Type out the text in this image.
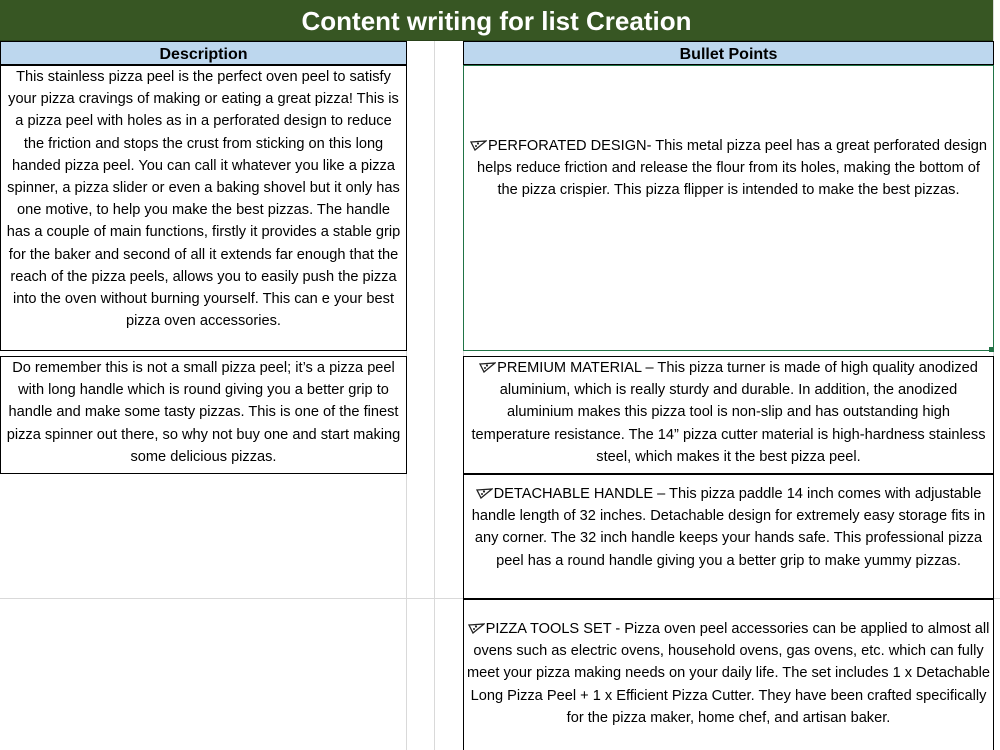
Content writing for list Creation
Description	Bullet Points
This stainless pizza peel is the perfect oven peel to satisfy your pizza cravings of making or eating a great pizza! This is a pizza peel with holes as in a perforated design to reduce the friction and stops the crust from sticking on this long handed pizza peel. You can call it whatever you like a pizza spinner, a pizza slider or even a baking shovel but it only has one motive, to help you make the best pizzas. The handle has a couple of main functions, firstly it provides a stable grip for the baker and second of all it extends far enough that the reach of the pizza peels, allows you to easily push the pizza into the oven without burning yourself. This can e your best pizza oven accessories.
Do remember this is not a small pizza peel; it’s a pizza peel with long handle which is round giving you a better grip to handle and make some tasty pizzas. This is one of the finest pizza spinner out there, so why not buy one and start making some delicious pizzas.
PERFORATED DESIGN- This metal pizza peel has a great perforated design helps reduce friction and release the flour from its holes, making the bottom of the pizza crispier. This pizza flipper is intended to make the best pizzas.
PREMIUM MATERIAL – This pizza turner is made of high quality anodized aluminium, which is really sturdy and durable. In addition, the anodized aluminium makes this pizza tool is non-slip and has outstanding high temperature resistance. The 14” pizza cutter material is high-hardness stainless steel, which makes it the best pizza peel.
DETACHABLE HANDLE – This pizza paddle 14 inch comes with adjustable handle length of 32 inches. Detachable design for extremely easy storage fits in any corner. The 32 inch handle keeps your hands safe. This professional pizza peel has a round handle giving you a better grip to make yummy pizzas.
PIZZA TOOLS SET - Pizza oven peel accessories can be applied to almost all ovens such as electric ovens, household ovens, gas ovens, etc. which can fully meet your pizza making needs on your daily life. The set includes 1 x Detachable Long Pizza Peel + 1 x Efficient Pizza Cutter. They have been crafted specifically for the pizza maker, home chef, and artisan baker.
